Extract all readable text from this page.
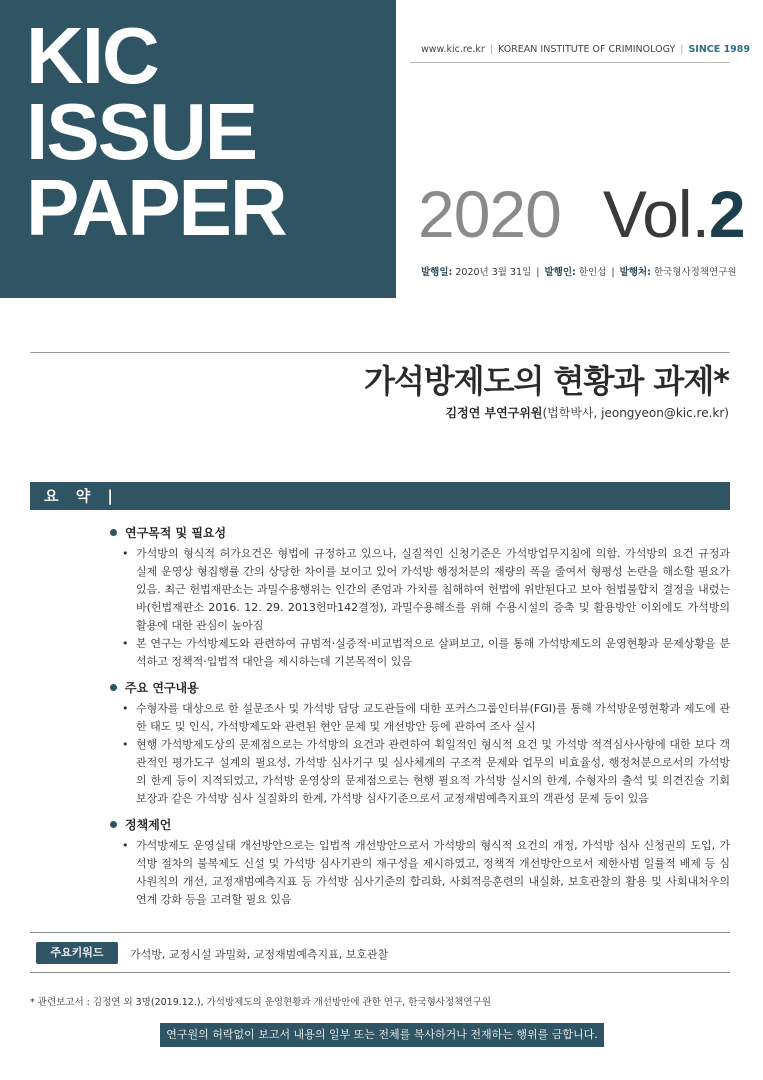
KIC
ISSUE
PAPER
www.kic.re.kr | KOREAN INSTITUTE OF CRIMINOLOGY | SINCE 1989
2020 Vol.2
발행일: 2020년 3월 31일 | 발행인: 한인섭 | 발행처: 한국형사정책연구원
가석방제도의 현황과 과제*
김정연 부연구위원(법학박사, jeongyeon@kic.re.kr)
요 약 |
연구목적 및 필요성
• 가석방의 형식적 허가요건은 형법에 규정하고 있으나, 실질적인 신청기준은 가석방업무지침에 의함. 가석방의 요건 규정과 실제 운영상 형집행률 간의 상당한 차이를 보이고 있어 가석방 행정처분의 재량의 폭을 줄여서 형평성 논란을 해소할 필요가 있음. 최근 헌법재판소는 과밀수용행위는 인간의 존엄과 가치를 침해하여 헌법에 위반된다고 보아 헌법불합치 결정을 내렸는바(헌법재판소 2016. 12. 29. 2013헌마142결정), 과밀수용해소를 위해 수용시설의 증축 및 활용방안 이외에도 가석방의 활용에 대한 관심이 높아짐
• 본 연구는 가석방제도와 관련하여 규범적·실증적·비교법적으로 살펴보고, 이를 통해 가석방제도의 운영현황과 문제상황을 분석하고 정책적·입법적 대안을 제시하는데 기본목적이 있음
주요 연구내용
• 수형자를 대상으로 한 설문조사 및 가석방 담당 교도관들에 대한 포커스그룹인터뷰(FGI)를 통해 가석방운영현황과 제도에 관한 태도 및 인식, 가석방제도와 관련된 현안 문제 및 개선방안 등에 관하여 조사 실시
• 현행 가석방제도상의 문제점으로는 가석방의 요건과 관련하여 획일적인 형식적 요건 및 가석방 적격심사사항에 대한 보다 객관적인 평가도구 설계의 필요성, 가석방 심사기구 및 심사체계의 구조적 문제와 업무의 비효율성, 행정처분으로서의 가석방의 한계 등이 지적되었고, 가석방 운영상의 문제점으로는 현행 필요적 가석방 실시의 한계, 수형자의 출석 및 의견진술 기회보장과 같은 가석방 심사 실질화의 한계, 가석방 심사기준으로서 교정재범예측지표의 객관성 문제 등이 있음
정책제언
• 가석방제도 운영실태 개선방안으로는 입법적 개선방안으로서 가석방의 형식적 요건의 개정, 가석방 심사 신청권의 도입, 가석방 절차의 불복제도 신설 및 가석방 심사기관의 재구성을 제시하였고, 정책적 개선방안으로서 제한사범 일률적 배제 등 심사원칙의 개선, 교정재범예측지표 등 가석방 심사기준의 합리화, 사회적응훈련의 내실화, 보호관찰의 활용 및 사회내처우의 연계 강화 등을 고려할 필요 있음
주요키워드	가석방, 교정시설 과밀화, 교정재범예측지표, 보호관찰
* 관련보고서 : 김정연 외 3명(2019.12.), 가석방제도의 운영현황과 개선방안에 관한 연구, 한국형사정책연구원
연구원의 허락없이 보고서 내용의 일부 또는 전체를 복사하거나 전재하는 행위를 금합니다.
